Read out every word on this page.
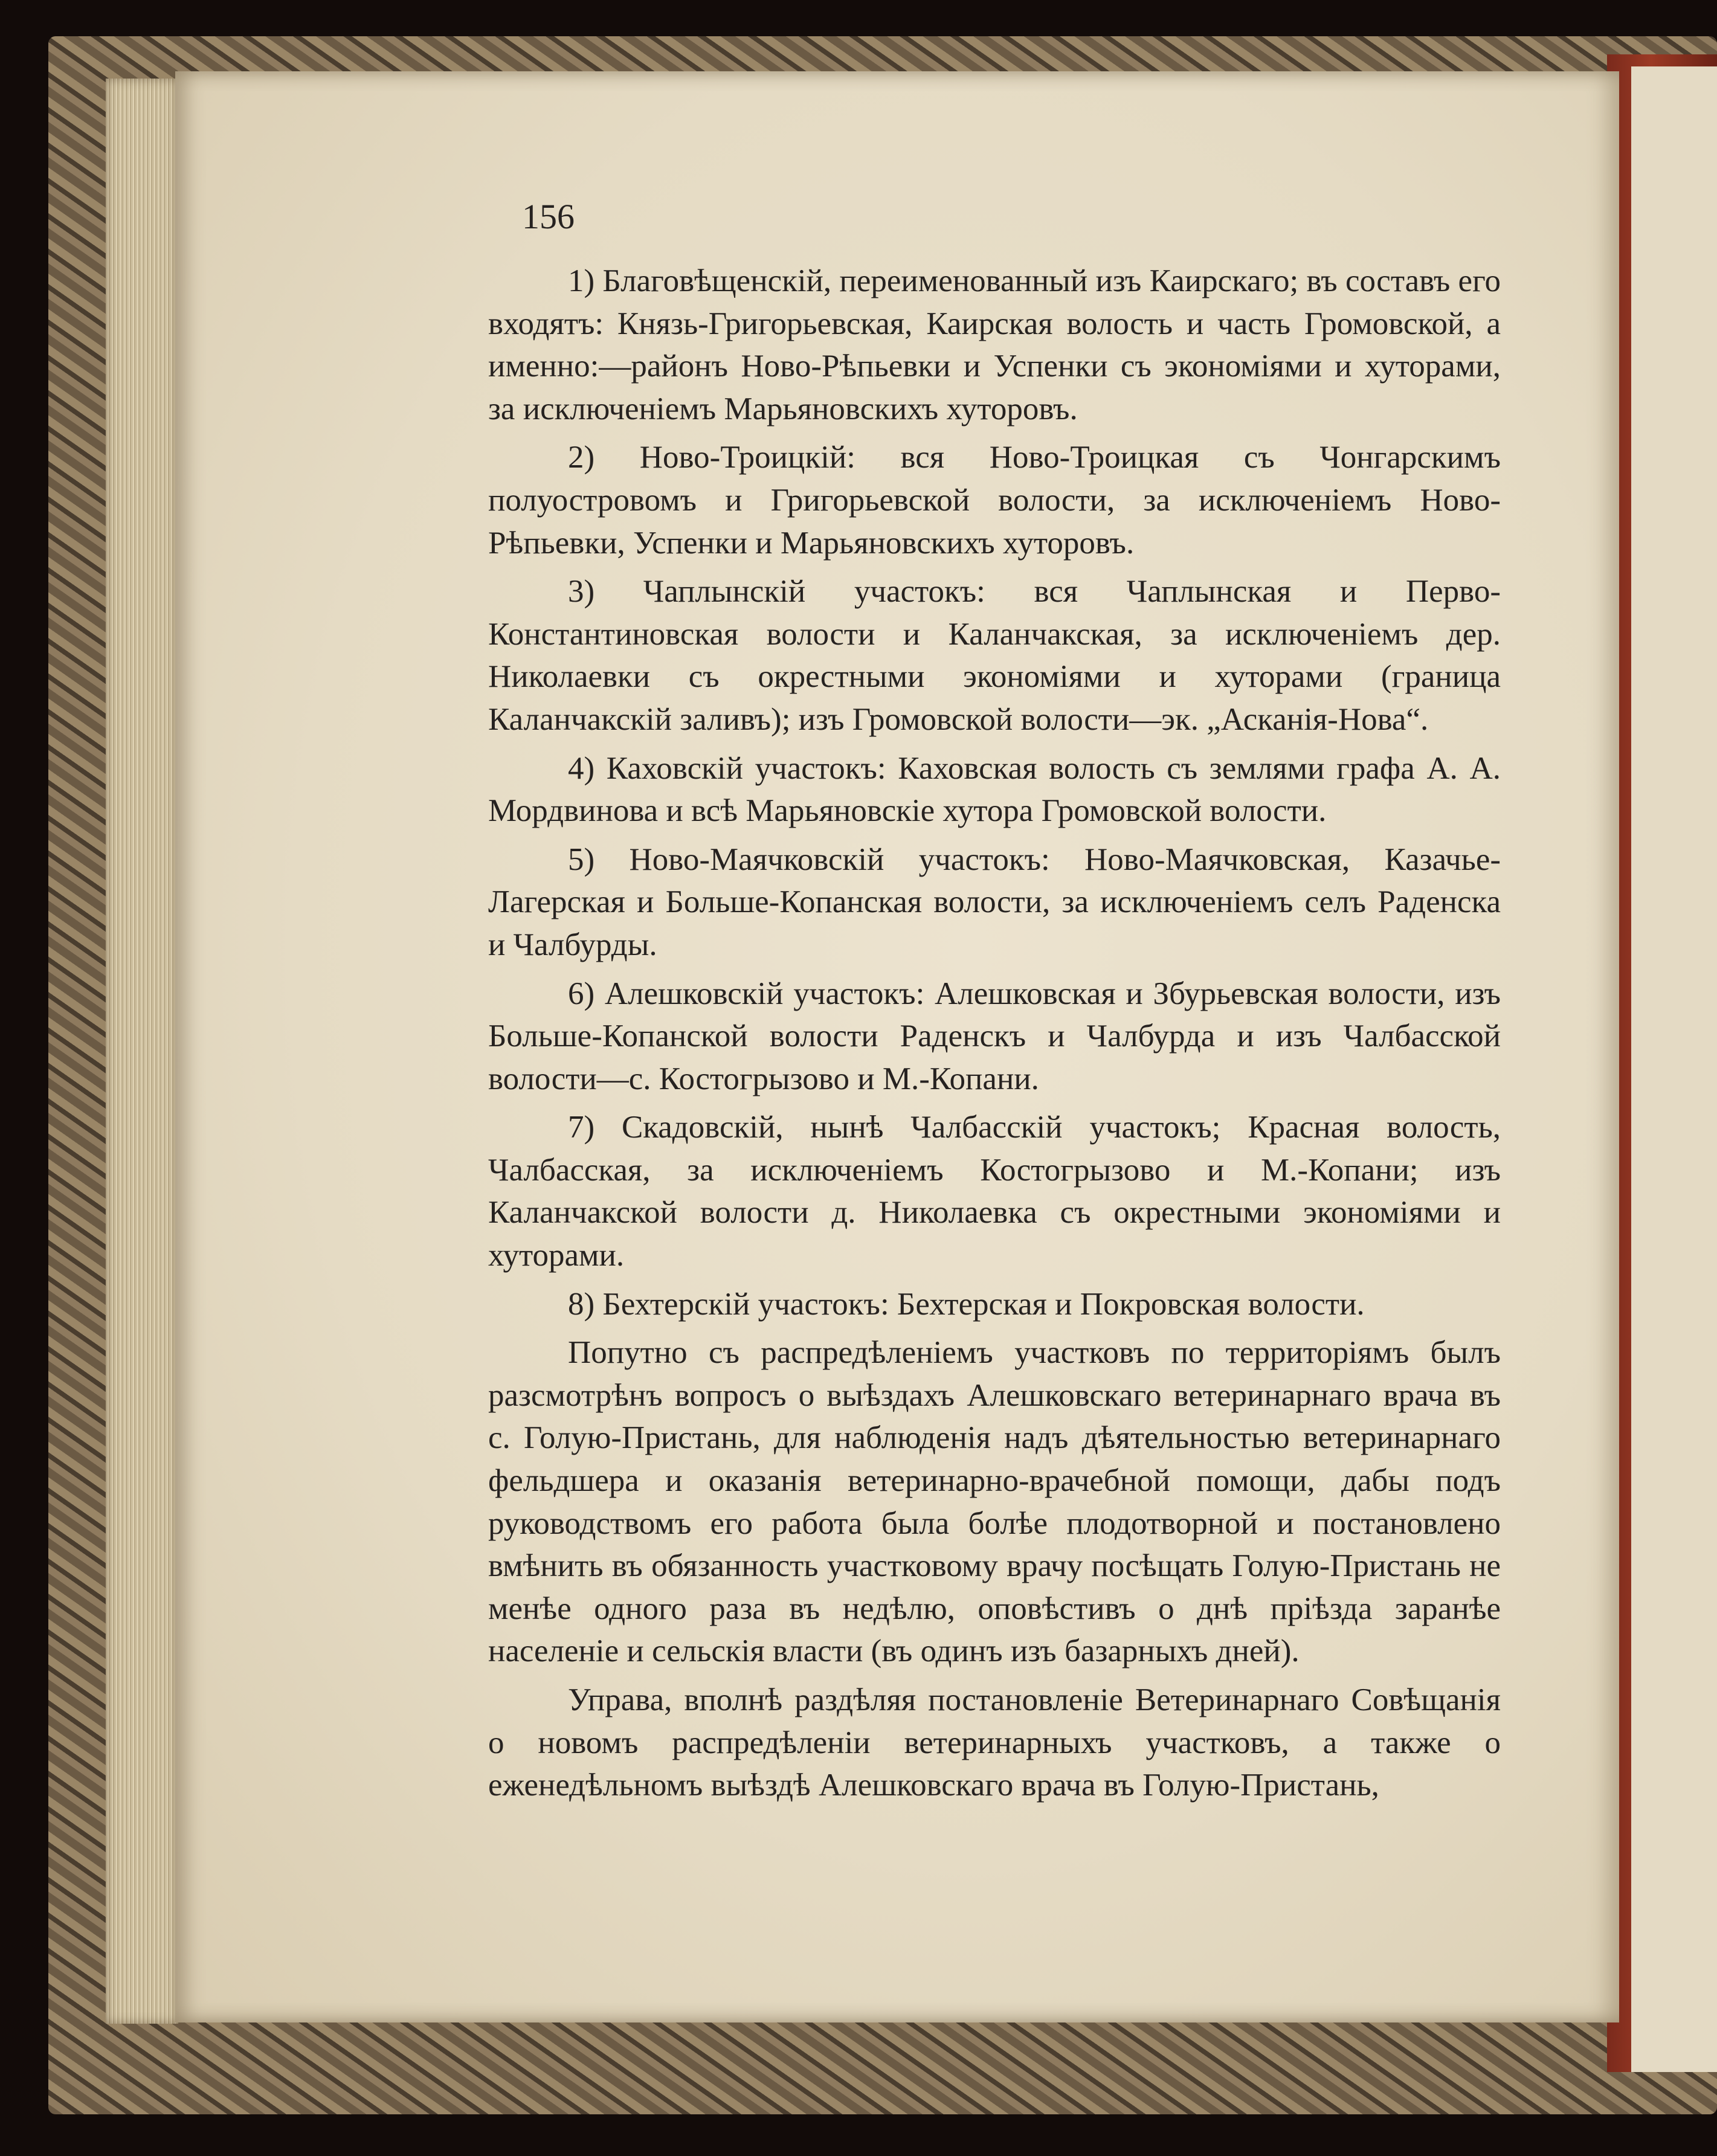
156

1) Благовѣщенскій, переименованный изъ Каирскаго; въ составъ его входятъ: Князь-Григорьевская, Каирская волость и часть Громовской, а именно:—районъ Ново-Рѣпьевки и Успенки съ экономіями и хуторами, за исключеніемъ Марьяновскихъ хуторовъ.

2) Ново-Троицкій: вся Ново-Троицкая съ Чонгарскимъ полуостровомъ и Григорьевской волости, за исключеніемъ Ново-Рѣпьевки, Успенки и Марьяновскихъ хуторовъ.

3) Чаплынскій участокъ: вся Чаплынская и Перво-Константиновская волости и Каланчакская, за исключеніемъ дер. Николаевки съ окрестными экономіями и хуторами (граница Каланчакскій заливъ); изъ Громовской волости—эк. „Асканія-Нова“.

4) Каховскій участокъ: Каховская волость съ землями графа А. А. Мордвинова и всѣ Марьяновскіе хутора Громовской волости.

5) Ново-Маячковскій участокъ: Ново-Маячковская, Казачье-Лагерская и Больше-Копанская волости, за исключеніемъ селъ Раденска и Чалбурды.

6) Алешковскій участокъ: Алешковская и Збурьевская волости, изъ Больше-Копанской волости Раденскъ и Чалбурда и изъ Чалбасской волости—с. Костогрызово и М.-Копани.

7) Скадовскій, нынѣ Чалбасскій участокъ; Красная волость, Чалбасская, за исключеніемъ Костогрызово и М.-Копани; изъ Каланчакской волости д. Николаевка съ окрестными экономіями и хуторами.

8) Бехтерскій участокъ: Бехтерская и Покровская волости.

Попутно съ распредѣленіемъ участковъ по территоріямъ былъ разсмотрѣнъ вопросъ о выѣздахъ Алешковскаго ветеринарнаго врача въ с. Голую-Пристань, для наблюденія надъ дѣятельностью ветеринарнаго фельдшера и оказанія ветеринарно-врачебной помощи, дабы подъ руководствомъ его работа была болѣе плодотворной и постановлено вмѣнить въ обязанность участковому врачу посѣщать Голую-Пристань не менѣе одного раза въ недѣлю, оповѣстивъ о днѣ пріѣзда заранѣе населеніе и сельскія власти (въ одинъ изъ базарныхъ дней).

Управа, вполнѣ раздѣляя постановленіе Ветеринарнаго Совѣщанія о новомъ распредѣленіи ветеринарныхъ участковъ, а также о еженедѣльномъ выѣздѣ Алешковскаго врача въ Голую-Пристань,
